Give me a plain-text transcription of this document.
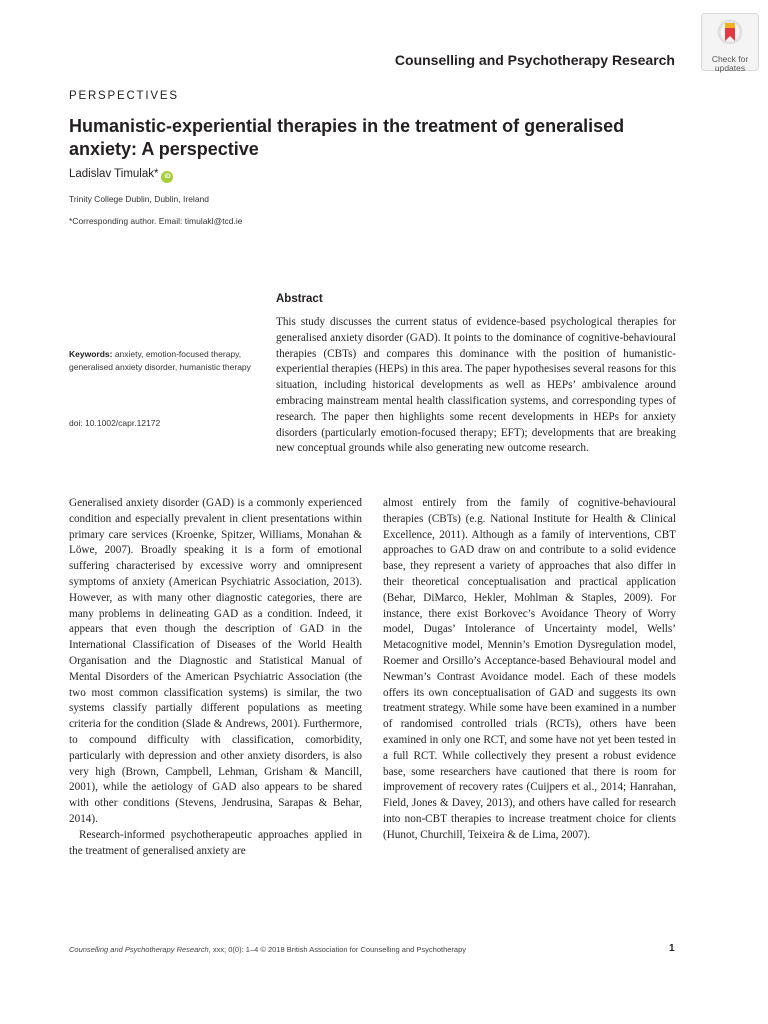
Check for
updates
Counselling and Psychotherapy Research
PERSPECTIVES
Humanistic-experiential therapies in the treatment of generalised anxiety: A perspective
Ladislav Timulak* iD
Trinity College Dublin, Dublin, Ireland
*Corresponding author. Email: timulakl@tcd.ie
Abstract
This study discusses the current status of evidence-based psychological therapies for generalised anxiety disorder (GAD). It points to the dominance of cognitive-behavioural therapies (CBTs) and compares this dominance with the position of humanistic-experiential therapies (HEPs) in this area. The paper hypothesises several reasons for this situation, including historical developments as well as HEPs’ ambivalence around embracing mainstream mental health classification systems, and corresponding types of research. The paper then highlights some recent developments in HEPs for anxiety disorders (particularly emotion-focused therapy; EFT); developments that are breaking new conceptual grounds while also generating new outcome research.
Keywords: anxiety, emotion-focused therapy, generalised anxiety disorder, humanistic therapy
doi: 10.1002/capr.12172

Generalised anxiety disorder (GAD) is a commonly experienced condition and especially prevalent in client presentations within primary care services (Kroenke, Spitzer, Williams, Monahan & Löwe, 2007). Broadly speaking it is a form of emotional suffering characterised by excessive worry and omnipresent symptoms of anxiety (American Psychiatric Association, 2013). However, as with many other diagnostic categories, there are many problems in delineating GAD as a condition. Indeed, it appears that even though the description of GAD in the International Classification of Diseases of the World Health Organisation and the Diagnostic and Statistical Manual of Mental Disorders of the American Psychiatric Association (the two most common classification systems) is similar, the two systems classify partially different populations as meeting criteria for the condition (Slade & Andrews, 2001). Furthermore, to compound difficulty with classification, comorbidity, particularly with depression and other anxiety disorders, is also very high (Brown, Campbell, Lehman, Grisham & Mancill, 2001), while the aetiology of GAD also appears to be shared with other conditions (Stevens, Jendrusina, Sarapas & Behar, 2014).

Research-informed psychotherapeutic approaches applied in the treatment of generalised anxiety are

almost entirely from the family of cognitive-behavioural therapies (CBTs) (e.g. National Institute for Health & Clinical Excellence, 2011). Although as a family of interventions, CBT approaches to GAD draw on and contribute to a solid evidence base, they represent a variety of approaches that also differ in their theoretical conceptualisation and practical application (Behar, DiMarco, Hekler, Mohlman & Staples, 2009). For instance, there exist Borkovec’s Avoidance Theory of Worry model, Dugas’ Intolerance of Uncertainty model, Wells’ Metacognitive model, Mennin’s Emotion Dysregulation model, Roemer and Orsillo’s Acceptance-based Behavioural model and Newman’s Contrast Avoidance model. Each of these models offers its own conceptualisation of GAD and suggests its own treatment strategy. While some have been examined in a number of randomised controlled trials (RCTs), others have been examined in only one RCT, and some have not yet been tested in a full RCT. While collectively they present a robust evidence base, some researchers have cautioned that there is room for improvement of recovery rates (Cuijpers et al., 2014; Hanrahan, Field, Jones & Davey, 2013), and others have called for research into non-CBT therapies to increase treatment choice for clients (Hunot, Churchill, Teixeira & de Lima, 2007).

Counselling and Psychotherapy Research, xxx; 0(0): 1–4 © 2018 British Association for Counselling and Psychotherapy	1
